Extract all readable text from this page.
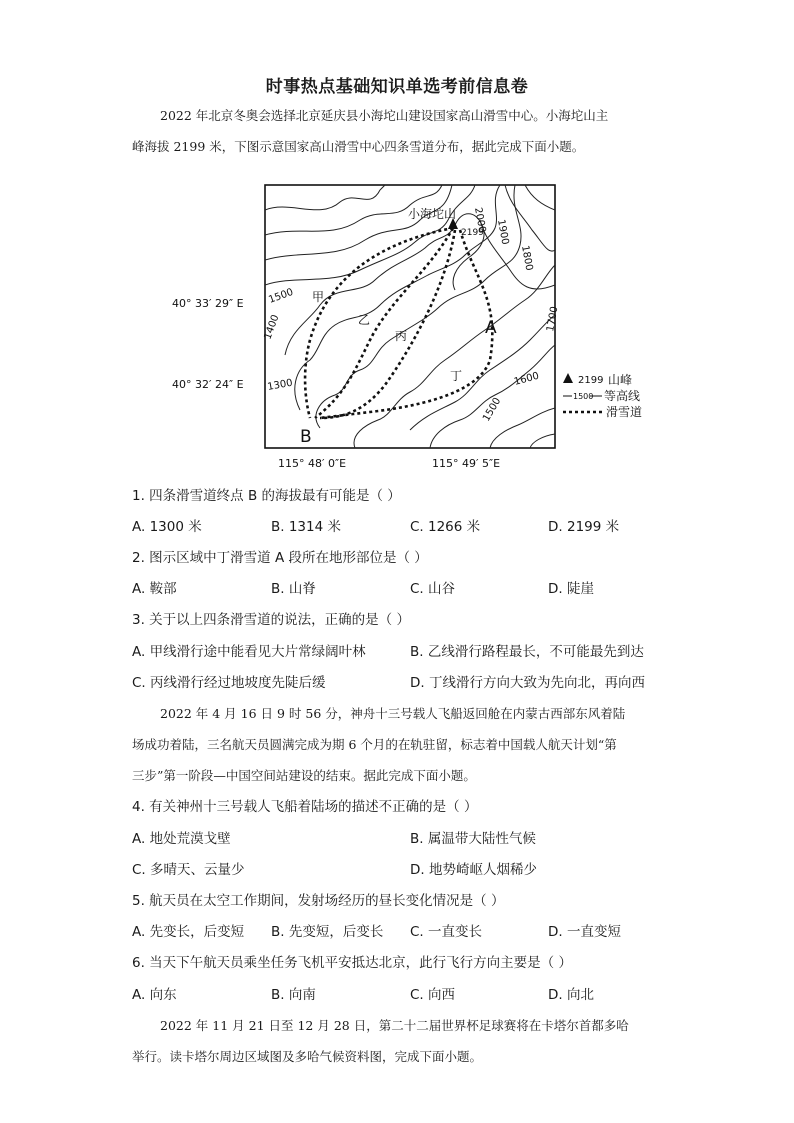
时事热点基础知识单选考前信息卷
2022 年北京冬奥会选择北京延庆县小海坨山建设国家高山滑雪中心。小海坨山主
峰海拔 2199 米，下图示意国家高山滑雪中心四条雪道分布，据此完成下面小题。
小海坨山
2199
2000 1900
1800
1700
1600
1500
1500
1400
1300
甲
乙
丙
丁
A
B
40° 33′ 29″ E
40° 32′ 24″ E
115° 48′ 0″E	115° 49′ 5″E
2199 山峰
1500 等高线
滑雪道
1. 四条滑雪道终点 B 的海拔最有可能是（ ）
A. 1300 米	B. 1314 米	C. 1266 米	D. 2199 米
2. 图示区域中丁滑雪道 A 段所在地形部位是（ ）
A. 鞍部	B. 山脊	C. 山谷	D. 陡崖
3. 关于以上四条滑雪道的说法，正确的是（ ）
A. 甲线滑行途中能看见大片常绿阔叶林	B. 乙线滑行路程最长，不可能最先到达
C. 丙线滑行经过地坡度先陡后缓	D. 丁线滑行方向大致为先向北，再向西
2022 年 4 月 16 日 9 时 56 分，神舟十三号载人飞船返回舱在内蒙古西部东风着陆
场成功着陆，三名航天员圆满完成为期 6 个月的在轨驻留，标志着中国载人航天计划“第
三步”第一阶段—中国空间站建设的结束。据此完成下面小题。
4. 有关神州十三号载人飞船着陆场的描述不正确的是（ ）
A. 地处荒漠戈壁	B. 属温带大陆性气候
C. 多晴天、云量少	D. 地势崎岖人烟稀少
5. 航天员在太空工作期间，发射场经历的昼长变化情况是（ ）
A. 先变长，后变短 B. 先变短，后变长 C. 一直变长	D. 一直变短
6. 当天下午航天员乘坐任务飞机平安抵达北京，此行飞行方向主要是（ ）
A. 向东	B. 向南	C. 向西	D. 向北
2022 年 11 月 21 日至 12 月 28 日，第二十二届世界杯足球赛将在卡塔尔首都多哈
举行。读卡塔尔周边区域图及多哈气候资料图，完成下面小题。
